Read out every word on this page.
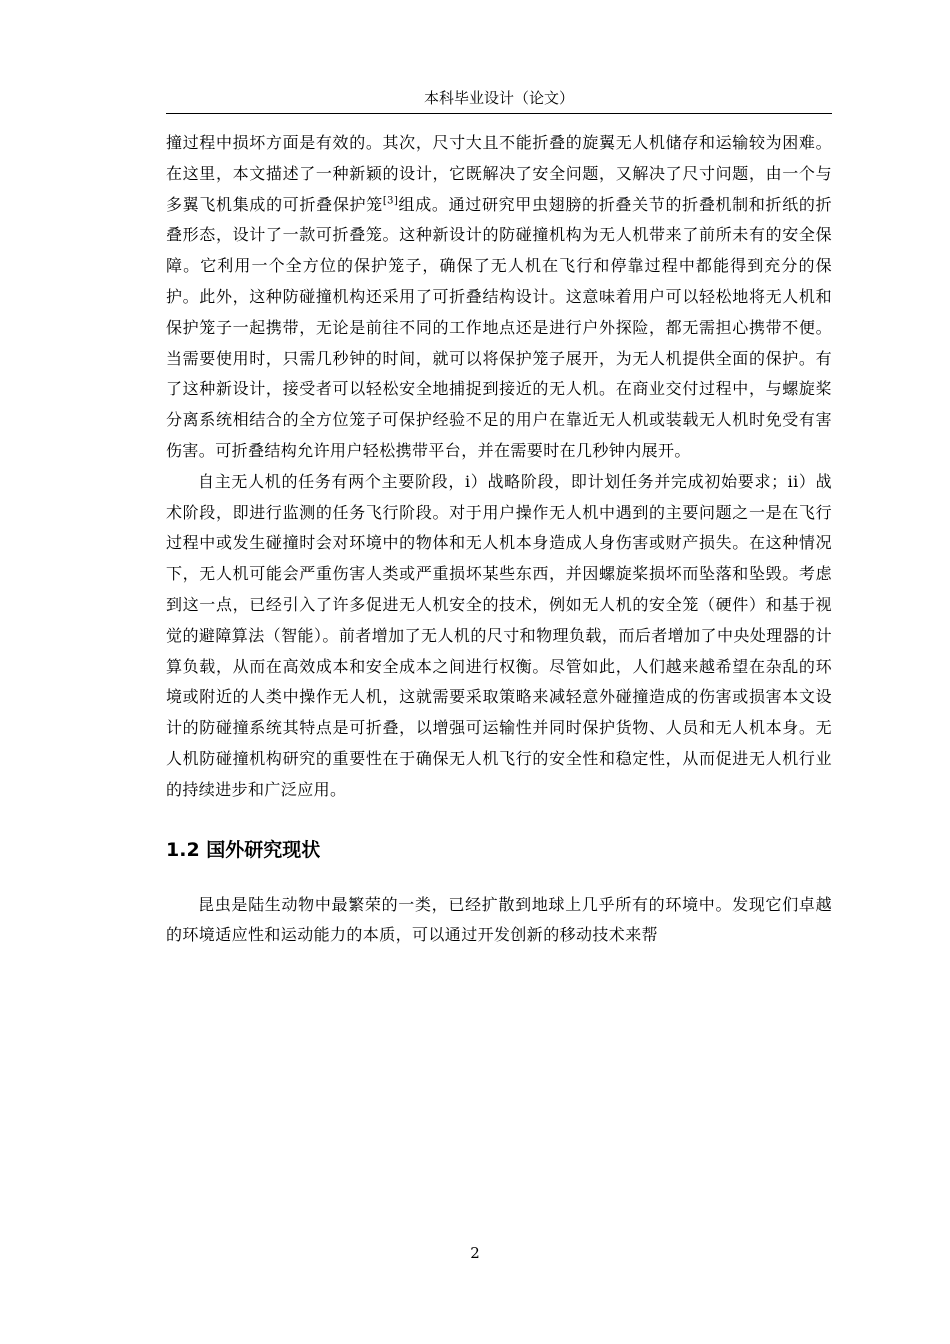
本科毕业设计（论文）

撞过程中损坏方面是有效的。其次，尺寸大且不能折叠的旋翼无人机储存和运输较为困难。在这里，本文描述了一种新颖的设计，它既解决了安全问题，又解决了尺寸问题，由一个与多翼飞机集成的可折叠保护笼[3]组成。通过研究甲虫翅膀的折叠关节的折叠机制和折纸的折叠形态，设计了一款可折叠笼。这种新设计的防碰撞机构为无人机带来了前所未有的安全保障。它利用一个全方位的保护笼子，确保了无人机在飞行和停靠过程中都能得到充分的保护。此外，这种防碰撞机构还采用了可折叠结构设计。这意味着用户可以轻松地将无人机和保护笼子一起携带，无论是前往不同的工作地点还是进行户外探险，都无需担心携带不便。当需要使用时，只需几秒钟的时间，就可以将保护笼子展开，为无人机提供全面的保护。有了这种新设计，接受者可以轻松安全地捕捉到接近的无人机。在商业交付过程中，与螺旋桨分离系统相结合的全方位笼子可保护经验不足的用户在靠近无人机或装载无人机时免受有害伤害。可折叠结构允许用户轻松携带平台，并在需要时在几秒钟内展开。

自主无人机的任务有两个主要阶段，i）战略阶段，即计划任务并完成初始要求；ii）战术阶段，即进行监测的任务飞行阶段。对于用户操作无人机中遇到的主要问题之一是在飞行过程中或发生碰撞时会对环境中的物体和无人机本身造成人身伤害或财产损失。在这种情况下，无人机可能会严重伤害人类或严重损坏某些东西，并因螺旋桨损坏而坠落和坠毁。考虑到这一点，已经引入了许多促进无人机安全的技术，例如无人机的安全笼（硬件）和基于视觉的避障算法（智能）。前者增加了无人机的尺寸和物理负载，而后者增加了中央处理器的计算负载，从而在高效成本和安全成本之间进行权衡。尽管如此，人们越来越希望在杂乱的环境或附近的人类中操作无人机，这就需要采取策略来减轻意外碰撞造成的伤害或损害本文设计的防碰撞系统其特点是可折叠，以增强可运输性并同时保护货物、人员和无人机本身。无人机防碰撞机构研究的重要性在于确保无人机飞行的安全性和稳定性，从而促进无人机行业的持续进步和广泛应用。

1.2 国外研究现状

昆虫是陆生动物中最繁荣的一类，已经扩散到地球上几乎所有的环境中。发现它们卓越的环境适应性和运动能力的本质，可以通过开发创新的移动技术来帮

2
